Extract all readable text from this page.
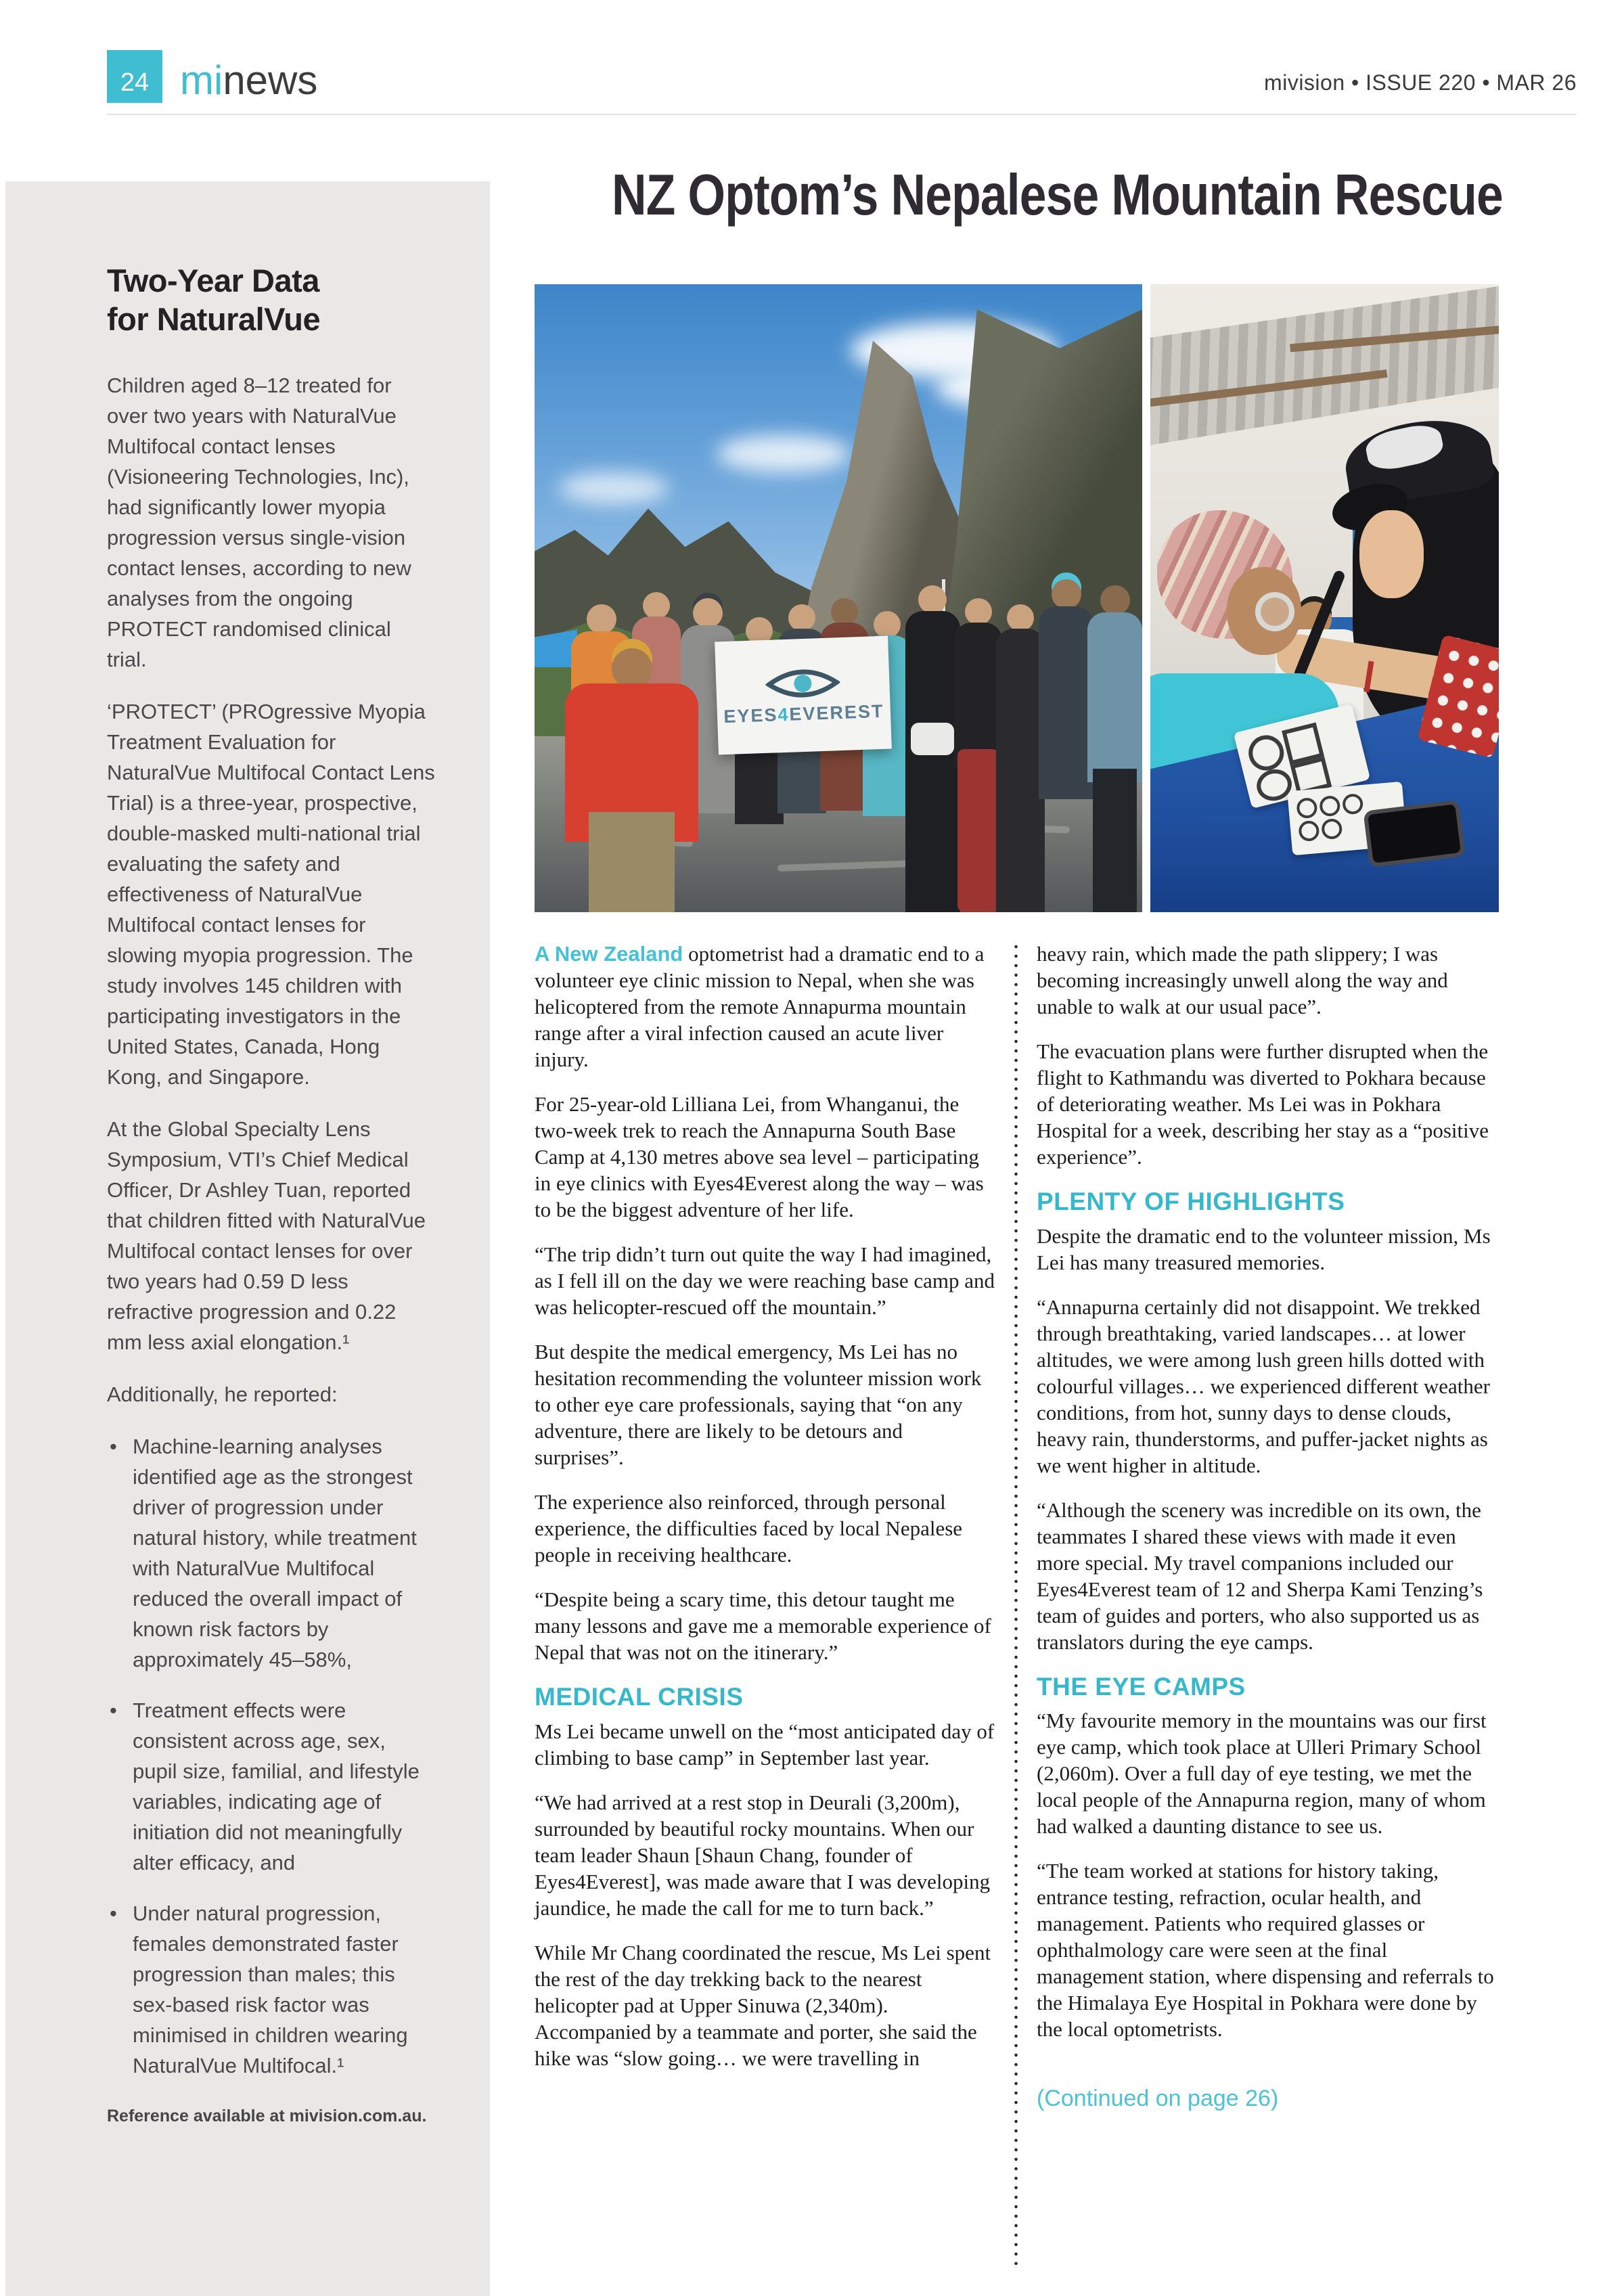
24 minews	mivision • ISSUE 220 • MAR 26
Two-Year Data
for NaturalVue

Children aged 8–12 treated for over two years with NaturalVue Multifocal contact lenses (Visioneering Technologies, Inc), had significantly lower myopia progression versus single-vision contact lenses, according to new analyses from the ongoing PROTECT randomised clinical trial.

‘PROTECT’ (PROgressive Myopia Treatment Evaluation for NaturalVue Multifocal Contact Lens Trial) is a three-year, prospective, double-masked multi-national trial evaluating the safety and effectiveness of NaturalVue Multifocal contact lenses for slowing myopia progression. The study involves 145 children with participating investigators in the United States, Canada, Hong Kong, and Singapore.

At the Global Specialty Lens Symposium, VTI’s Chief Medical Officer, Dr Ashley Tuan, reported that children fitted with NaturalVue Multifocal contact lenses for over two years had 0.59 D less refractive progression and 0.22 mm less axial elongation.¹

Additionally, he reported:

• Machine-learning analyses identified age as the strongest driver of progression under natural history, while treatment with NaturalVue Multifocal reduced the overall impact of known risk factors by approximately 45–58%,
• Treatment effects were consistent across age, sex, pupil size, familial, and lifestyle variables, indicating age of initiation did not meaningfully alter efficacy, and
• Under natural progression, females demonstrated faster progression than males; this sex-based risk factor was minimised in children wearing NaturalVue Multifocal.¹

Reference available at mivision.com.au.

NZ Optom’s Nepalese Mountain Rescue
EYES4EVEREST

A New Zealand optometrist had a dramatic end to a volunteer eye clinic mission to Nepal, when she was helicoptered from the remote Annapurma mountain range after a viral infection caused an acute liver injury.

For 25-year-old Lilliana Lei, from Whanganui, the two-week trek to reach the Annapurna South Base Camp at 4,130 metres above sea level – participating in eye clinics with Eyes4Everest along the way – was to be the biggest adventure of her life.

“The trip didn’t turn out quite the way I had imagined, as I fell ill on the day we were reaching base camp and was helicopter-rescued off the mountain.”

But despite the medical emergency, Ms Lei has no hesitation recommending the volunteer mission work to other eye care professionals, saying that “on any adventure, there are likely to be detours and surprises”.

The experience also reinforced, through personal experience, the difficulties faced by local Nepalese people in receiving healthcare.

“Despite being a scary time, this detour taught me many lessons and gave me a memorable experience of Nepal that was not on the itinerary.”

MEDICAL CRISIS

Ms Lei became unwell on the “most anticipated day of climbing to base camp” in September last year.

“We had arrived at a rest stop in Deurali (3,200m), surrounded by beautiful rocky mountains. When our team leader Shaun [Shaun Chang, founder of Eyes4Everest], was made aware that I was developing jaundice, he made the call for me to turn back.”

While Mr Chang coordinated the rescue, Ms Lei spent the rest of the day trekking back to the nearest helicopter pad at Upper Sinuwa (2,340m). Accompanied by a teammate and porter, she said the hike was “slow going… we were travelling in

heavy rain, which made the path slippery; I was becoming increasingly unwell along the way and unable to walk at our usual pace”.

The evacuation plans were further disrupted when the flight to Kathmandu was diverted to Pokhara because of deteriorating weather. Ms Lei was in Pokhara Hospital for a week, describing her stay as a “positive experience”.

PLENTY OF HIGHLIGHTS

Despite the dramatic end to the volunteer mission, Ms Lei has many treasured memories.

“Annapurna certainly did not disappoint. We trekked through breathtaking, varied landscapes… at lower altitudes, we were among lush green hills dotted with colourful villages… we experienced different weather conditions, from hot, sunny days to dense clouds, heavy rain, thunderstorms, and puffer-jacket nights as we went higher in altitude.

“Although the scenery was incredible on its own, the teammates I shared these views with made it even more special. My travel companions included our Eyes4Everest team of 12 and Sherpa Kami Tenzing’s team of guides and porters, who also supported us as translators during the eye camps.

THE EYE CAMPS

“My favourite memory in the mountains was our first eye camp, which took place at Ulleri Primary School (2,060m). Over a full day of eye testing, we met the local people of the Annapurna region, many of whom had walked a daunting distance to see us.

“The team worked at stations for history taking, entrance testing, refraction, ocular health, and management. Patients who required glasses or ophthalmology care were seen at the final management station, where dispensing and referrals to the Himalaya Eye Hospital in Pokhara were done by the local optometrists.

(Continued on page 26)
